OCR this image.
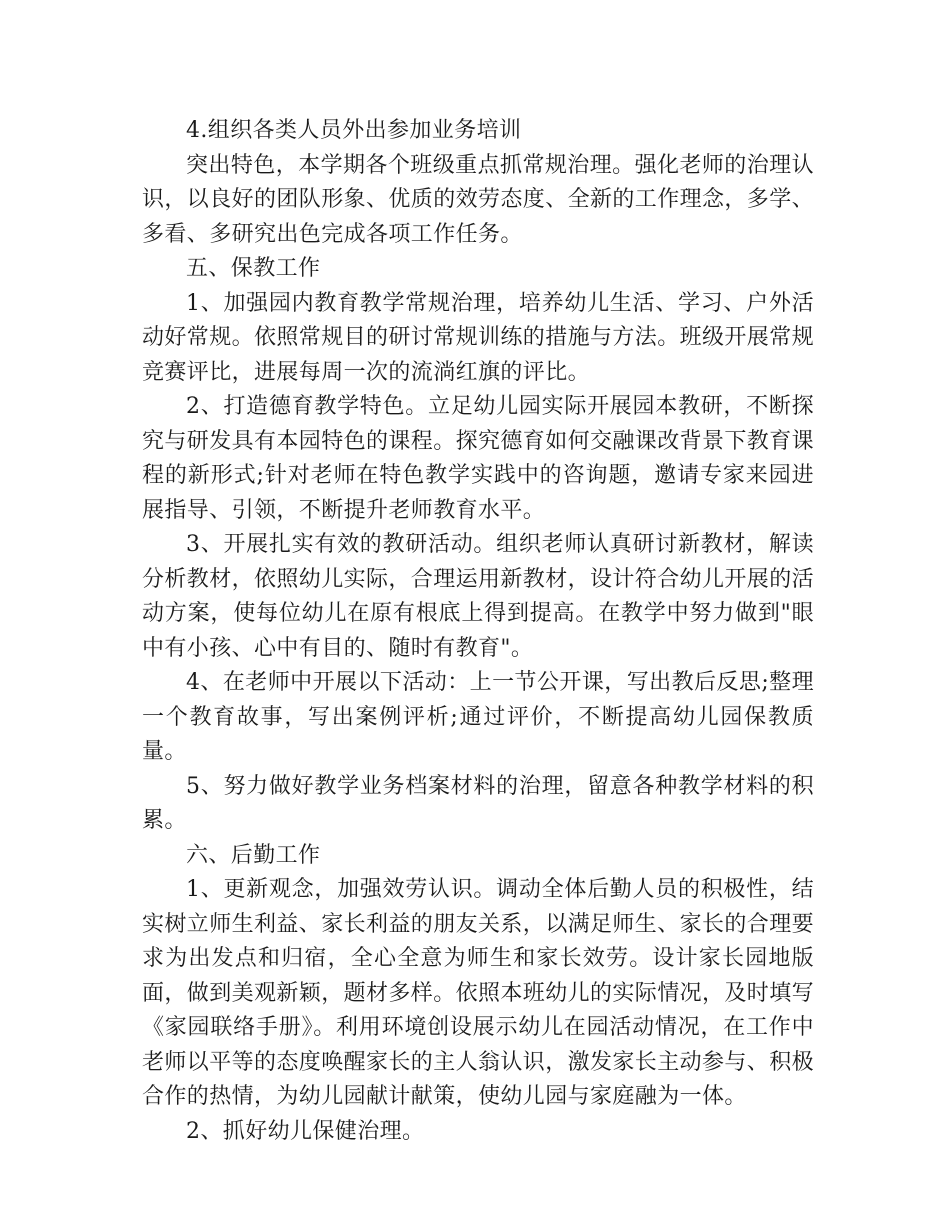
4.组织各类人员外出参加业务培训

突出特色，本学期各个班级重点抓常规治理。强化老师的治理认识，以良好的团队形象、优质的效劳态度、全新的工作理念，多学、多看、多研究出色完成各项工作任务。

五、保教工作

1、加强园内教育教学常规治理，培养幼儿生活、学习、户外活动好常规。依照常规目的研讨常规训练的措施与方法。班级开展常规竞赛评比，进展每周一次的流淌红旗的评比。

2、打造德育教学特色。立足幼儿园实际开展园本教研，不断探究与研发具有本园特色的课程。探究德育如何交融课改背景下教育课程的新形式;针对老师在特色教学实践中的咨询题，邀请专家来园进展指导、引领，不断提升老师教育水平。

3、开展扎实有效的教研活动。组织老师认真研讨新教材，解读分析教材，依照幼儿实际，合理运用新教材，设计符合幼儿开展的活动方案，使每位幼儿在原有根底上得到提高。在教学中努力做到"眼中有小孩、心中有目的、随时有教育"。

4、在老师中开展以下活动：上一节公开课，写出教后反思;整理一个教育故事，写出案例评析;通过评价，不断提高幼儿园保教质量。

5、努力做好教学业务档案材料的治理，留意各种教学材料的积累。

六、后勤工作

1、更新观念，加强效劳认识。调动全体后勤人员的积极性，结实树立师生利益、家长利益的朋友关系，以满足师生、家长的合理要求为出发点和归宿，全心全意为师生和家长效劳。设计家长园地版面，做到美观新颖，题材多样。依照本班幼儿的实际情况，及时填写《家园联络手册》。利用环境创设展示幼儿在园活动情况，在工作中老师以平等的态度唤醒家长的主人翁认识，激发家长主动参与、积极合作的热情，为幼儿园献计献策，使幼儿园与家庭融为一体。

2、抓好幼儿保健治理。
